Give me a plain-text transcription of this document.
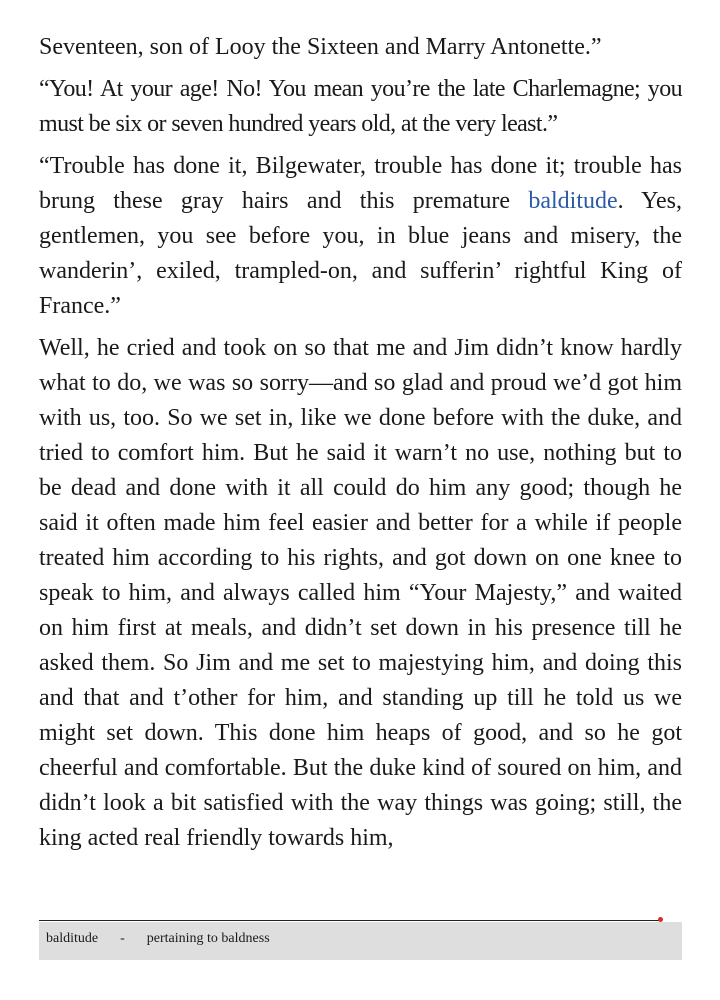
Seventeen, son of Looy the Sixteen and Marry Antonette.”

“You! At your age! No! You mean you’re the late Charlemagne; you must be six or seven hundred years old, at the very least.”

“Trouble has done it, Bilgewater, trouble has done it; trouble has brung these gray hairs and this premature balditude. Yes, gentlemen, you see before you, in blue jeans and misery, the wanderin’, exiled, trampled-on, and sufferin’ rightful King of France.”

Well, he cried and took on so that me and Jim didn’t know hardly what to do, we was so sorry—and so glad and proud we’d got him with us, too. So we set in, like we done before with the duke, and tried to comfort him. But he said it warn’t no use, nothing but to be dead and done with it all could do him any good; though he said it often made him feel easier and better for a while if people treated him according to his rights, and got down on one knee to speak to him, and always called him “Your Majesty,” and waited on him first at meals, and didn’t set down in his presence till he asked them. So Jim and me set to majestying him, and doing this and that and t’other for him, and standing up till he told us we might set down. This done him heaps of good, and so he got cheerful and comfortable. But the duke kind of soured on him, and didn’t look a bit satisfied with the way things was going; still, the king acted real friendly towards him,

balditude - pertaining to baldness
